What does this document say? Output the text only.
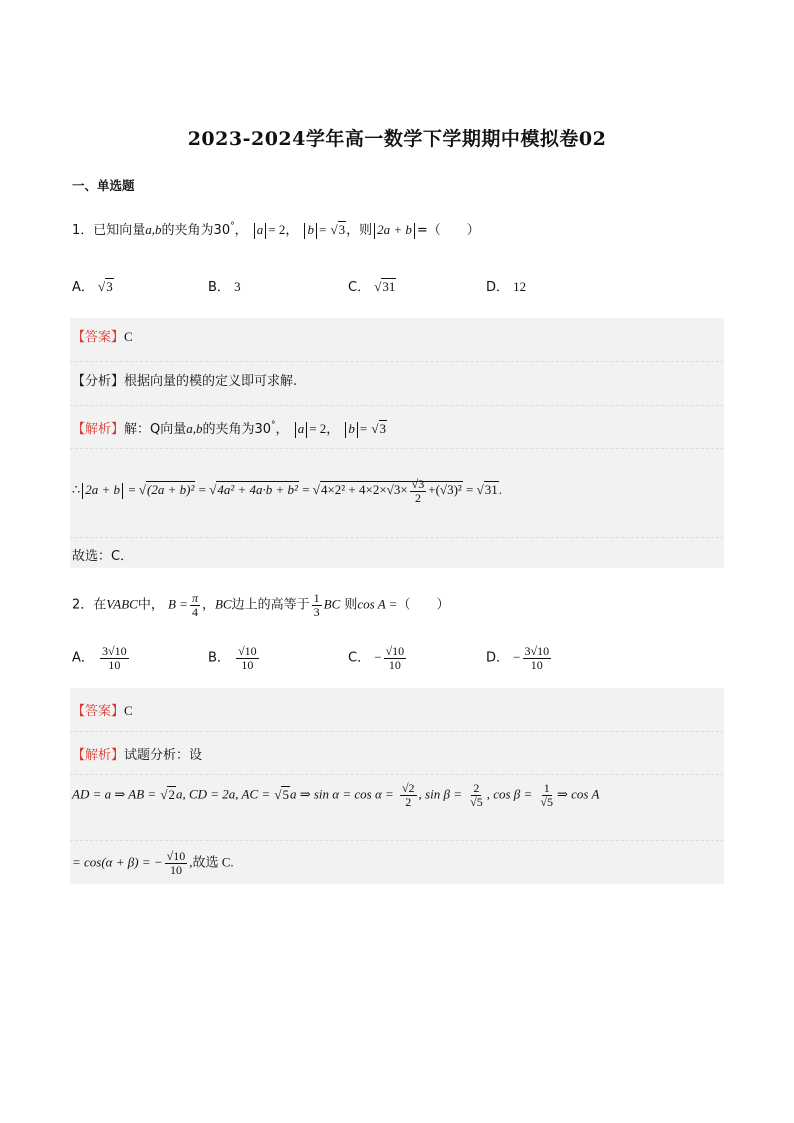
2023-2024学年高一数学下学期期中模拟卷02
一、单选题
1．已知向量a,b的夹角为30°， a = 2， b = √3，则 2a + b =（　　）
A． √3	B． 3	C． √31	D． 12
【答案】C
【分析】根据向量的模的定义即可求解.
【解析】解：Q向量a,b的夹角为30°， a = 2， b = √3
∴ $2a + b = √(2a + b)^2 = √4a^2 + 4a\cdot b + b^2 = √4\times 2^2 + 4\times 2\times√3\times \frac{√3}{2} +(√3)^2 = √31$.
故选：C．
2．在VABC中， $B = \frac{\pi}{4}$ ，BC边上的高等于 $\frac{1}{3}$ BC 则cos A =（　　）
A． $\frac{3√10}{10}$	B． $\frac{√10}{10}$	C． − $\frac{√10}{10}$	D． − $\frac{3√10}{10}$
【答案】C
【解析】试题分析：设
AD = a ⇒ AB = √2a, CD = 2a, AC = √5a ⇒ $\sin \alpha = \cos \alpha = \frac{√2}{2}$ , $\sin \beta = \frac{2}{√5}$ , $\cos \beta = \frac{1}{√5}$ ⇒ cos A
= cos(α + β) = − $\frac{√10}{10}$ ,故选 C.
